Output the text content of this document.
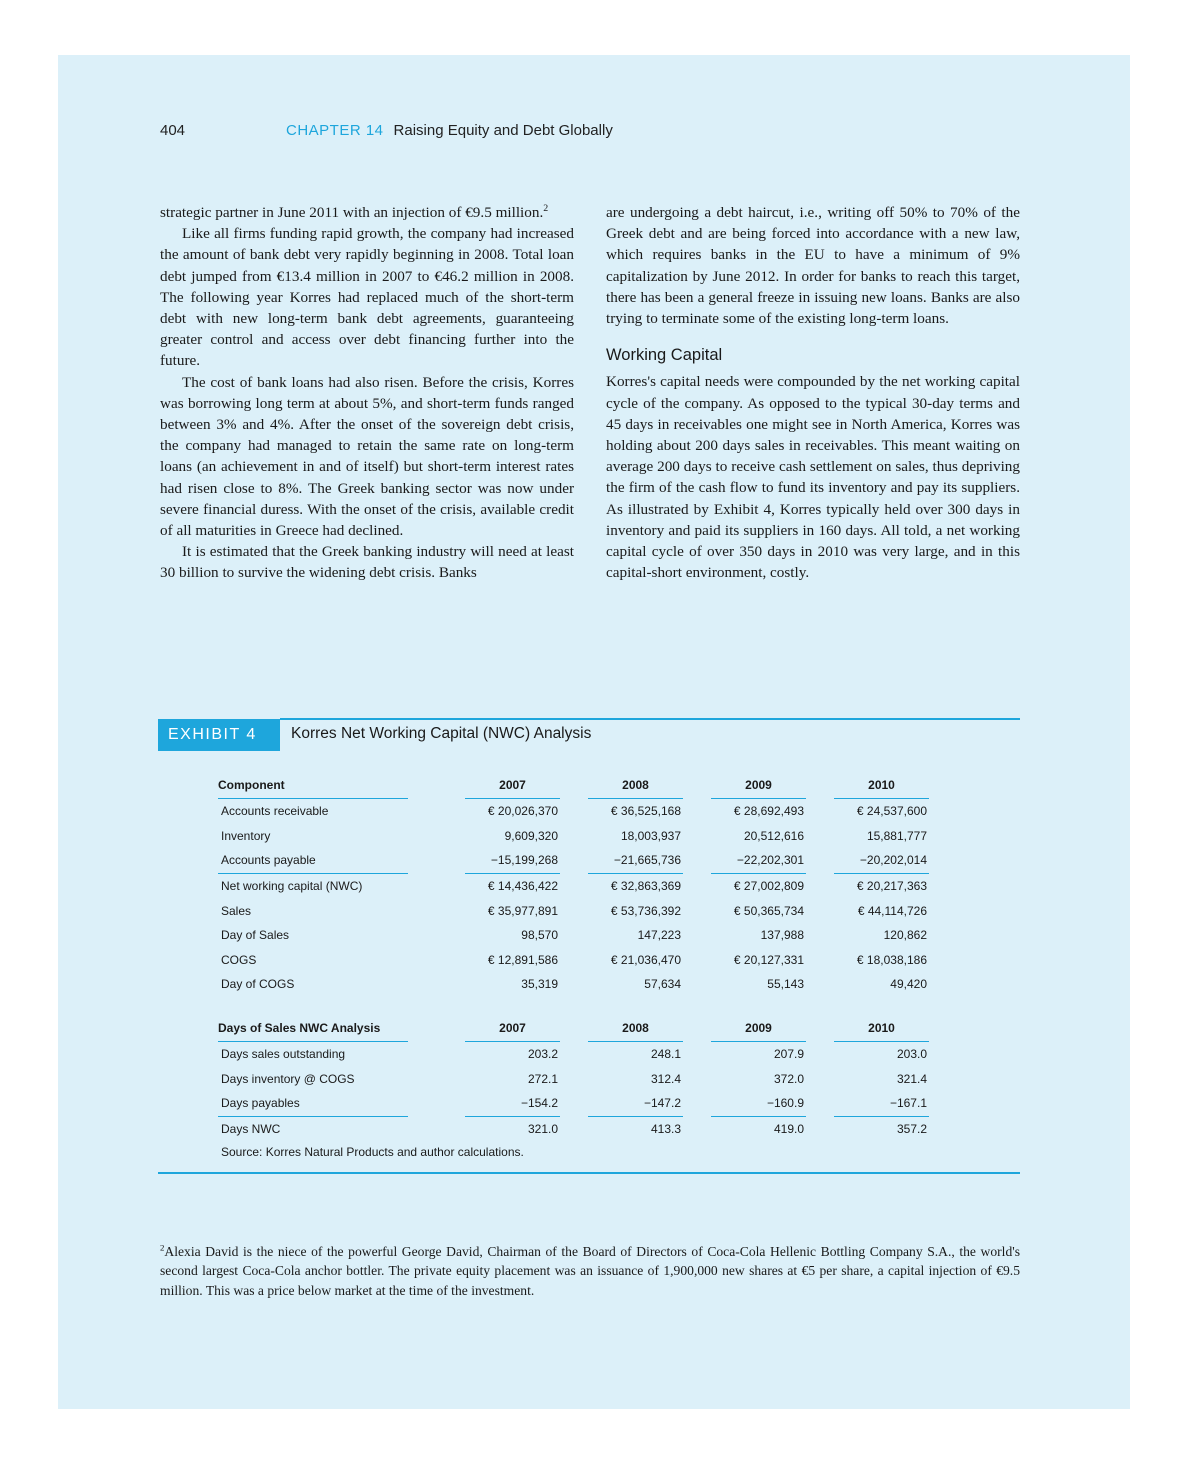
404	CHAPTER 14 Raising Equity and Debt Globally

strategic partner in June 2011 with an injection of €9.5 million.$^2$

Like all firms funding rapid growth, the company had increased the amount of bank debt very rapidly beginning in 2008. Total loan debt jumped from €13.4 million in 2007 to €46.2 million in 2008. The following year Korres had replaced much of the short-term debt with new long-term bank debt agreements, guaranteeing greater control and access over debt financing further into the future.

The cost of bank loans had also risen. Before the crisis, Korres was borrowing long term at about 5%, and short-term funds ranged between 3% and 4%. After the onset of the sovereign debt crisis, the company had managed to retain the same rate on long-term loans (an achievement in and of itself) but short-term interest rates had risen close to 8%. The Greek banking sector was now under severe financial duress. With the onset of the crisis, available credit of all maturities in Greece had declined.

It is estimated that the Greek banking industry will need at least 30 billion to survive the widening debt crisis. Banks

are undergoing a debt haircut, i.e., writing off 50% to 70% of the Greek debt and are being forced into accordance with a new law, which requires banks in the EU to have a minimum of 9% capitalization by June 2012. In order for banks to reach this target, there has been a general freeze in issuing new loans. Banks are also trying to terminate some of the existing long-term loans.

Working Capital

Korres's capital needs were compounded by the net working capital cycle of the company. As opposed to the typical 30-day terms and 45 days in receivables one might see in North America, Korres was holding about 200 days sales in receivables. This meant waiting on average 200 days to receive cash settlement on sales, thus depriving the firm of the cash flow to fund its inventory and pay its suppliers. As illustrated by Exhibit 4, Korres typically held over 300 days in inventory and paid its suppliers in 160 days. All told, a net working capital cycle of over 350 days in 2010 was very large, and in this capital-short environment, costly.

EXHIBIT 4	Korres Net Working Capital (NWC) Analysis
Component		2007		2008		2009		2010
Accounts receivable		€ 20,026,370		€ 36,525,168		€ 28,692,493		€ 24,537,600

Inventory		9,609,320		18,003,937		20,512,616		15,881,777

Accounts payable		−15,199,268		−21,665,736		−22,202,301		−20,202,014

Net working capital (NWC)		€ 14,436,422		€ 32,863,369		€ 27,002,809		€ 20,217,363

Sales		€ 35,977,891		€ 53,736,392		€ 50,365,734		€ 44,114,726

Day of Sales		98,570		147,223		137,988		120,862

COGS		€ 12,891,586		€ 21,036,470		€ 20,127,331		€ 18,038,186

Day of COGS		35,319		57,634		55,143		49,420

Days of Sales NWC Analysis		2007		2008		2009		2010
Days sales outstanding		203.2		248.1		207.9		203.0

Days inventory @ COGS		272.1		312.4		372.0		321.4

Days payables		−154.2		−147.2		−160.9		−167.1

Days NWC		321.0		413.3		419.0		357.2
Source: Korres Natural Products and author calculations.
$^2$Alexia David is the niece of the powerful George David, Chairman of the Board of Directors of Coca-Cola Hellenic Bottling Company S.A., the world's second largest Coca-Cola anchor bottler. The private equity placement was an issuance of 1,900,000 new shares at €5 per share, a capital injection of €9.5 million. This was a price below market at the time of the investment.
